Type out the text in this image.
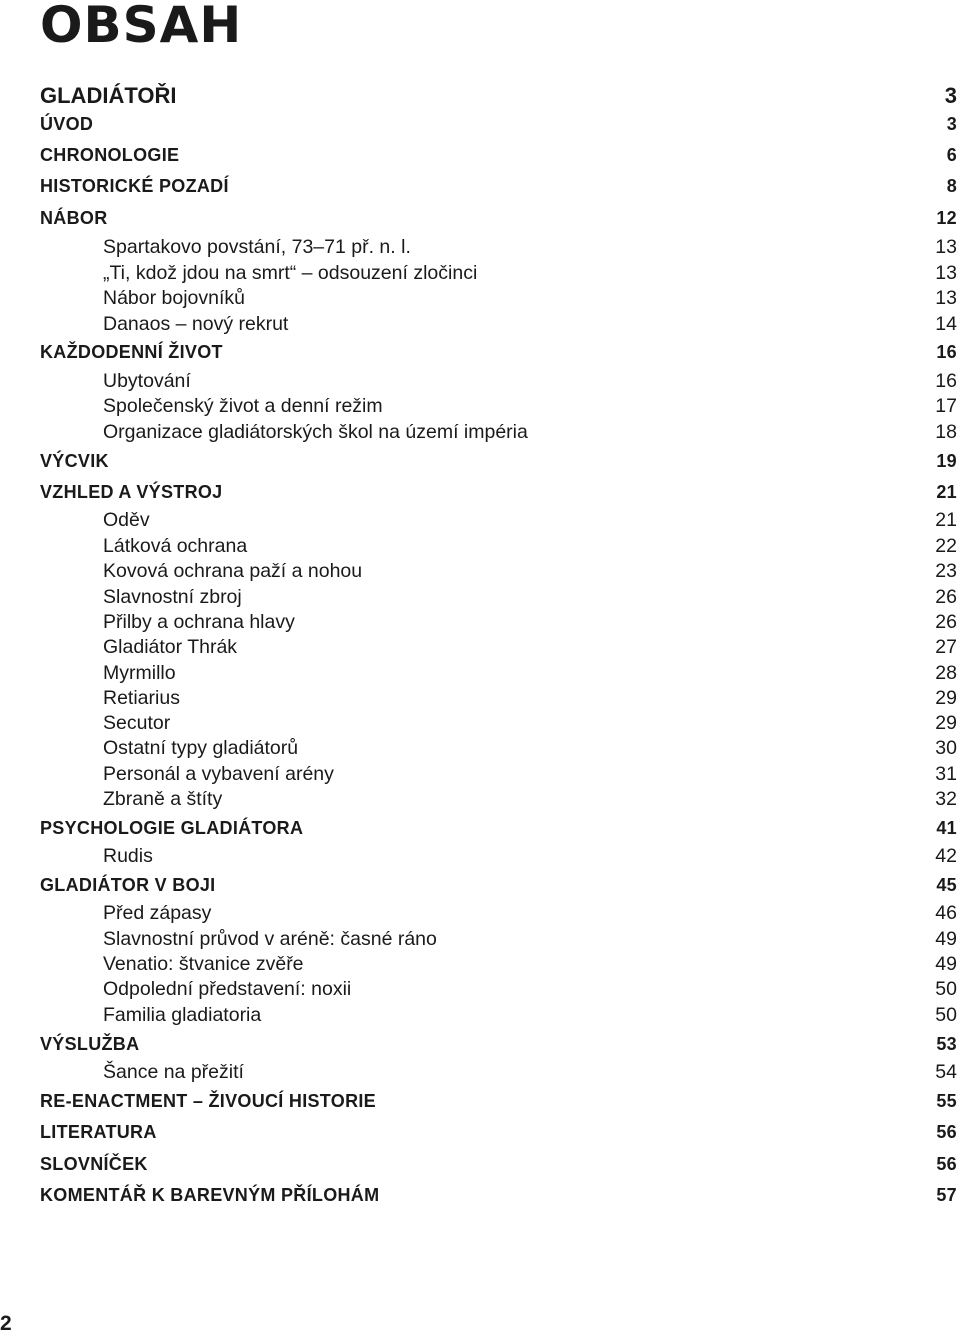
OBSAH
GLADIÁTOŘI	3
ÚVOD	3
CHRONOLOGIE	6
HISTORICKÉ POZADÍ	8
NÁBOR	12
Spartakovo povstání, 73–71 př. n. l.	13
„Ti, kdož jdou na smrt“ – odsouzení zločinci	13
Nábor bojovníků	13
Danaos – nový rekrut	14
KAŽDODENNÍ ŽIVOT	16
Ubytování	16
Společenský život a denní režim	17
Organizace gladiátorských škol na území impéria	18
VÝCVIK	19
VZHLED A VÝSTROJ	21
Oděv	21
Látková ochrana	22
Kovová ochrana paží a nohou	23
Slavnostní zbroj	26
Přilby a ochrana hlavy	26
Gladiátor Thrák	27
Myrmillo	28
Retiarius	29
Secutor	29
Ostatní typy gladiátorů	30
Personál a vybavení arény	31
Zbraně a štíty	32
PSYCHOLOGIE GLADIÁTORA	41
Rudis	42
GLADIÁTOR V BOJI	45
Před zápasy	46
Slavnostní průvod v aréně: časné ráno	49
Venatio: štvanice zvěře	49
Odpolední představení: noxii	50
Familia gladiatoria	50
VÝSLUŽBA	53
Šance na přežití	54
RE-ENACTMENT – ŽIVOUCÍ HISTORIE	55
LITERATURA	56
SLOVNÍČEK	56
KOMENTÁŘ K BAREVNÝM PŘÍLOHÁM	57
2
